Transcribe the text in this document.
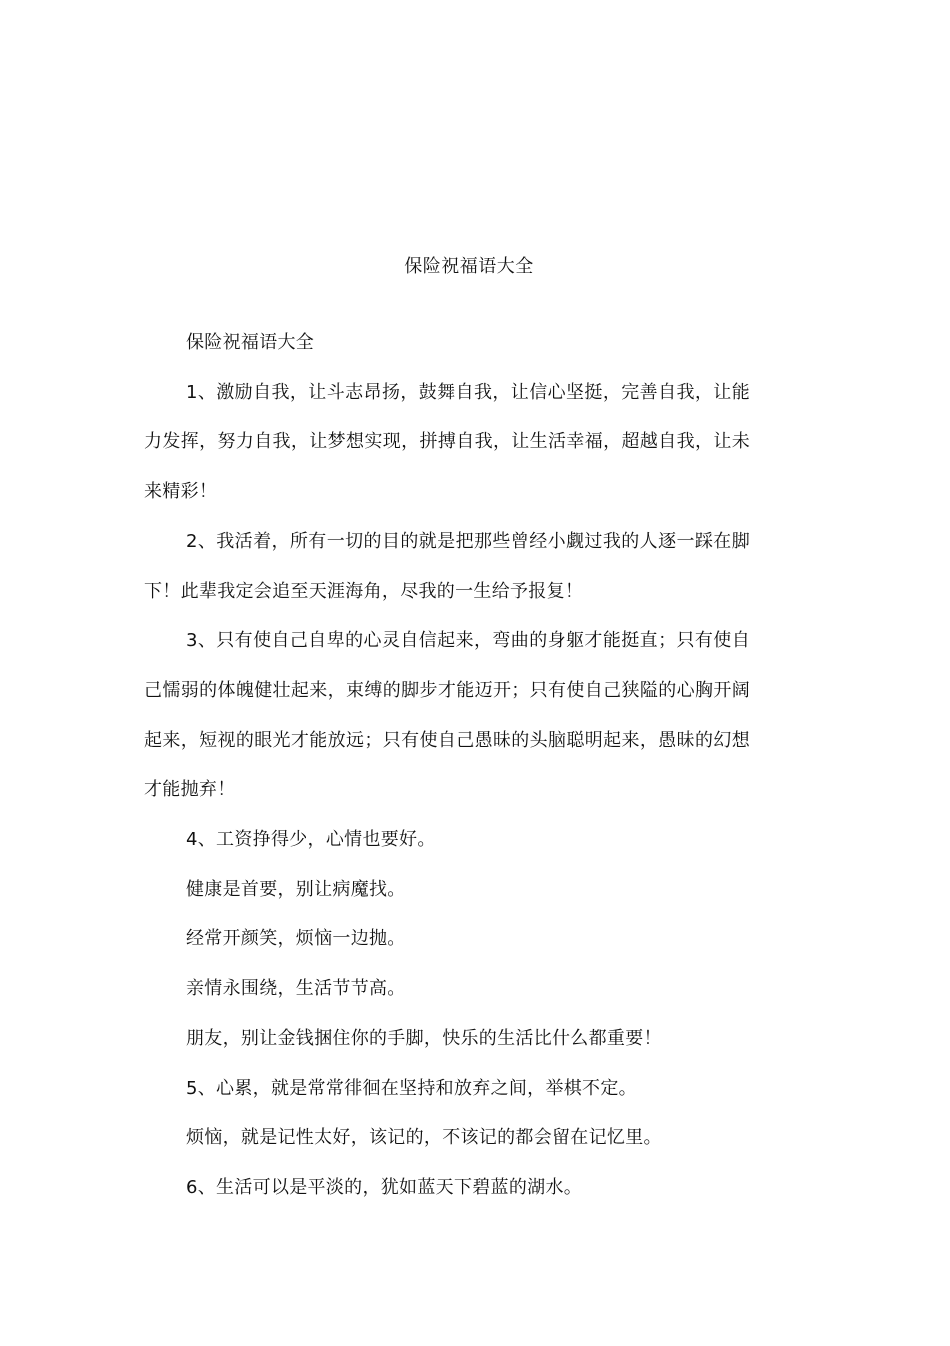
保险祝福语大全

保险祝福语大全

1、激励自我，让斗志昂扬，鼓舞自我，让信心坚挺，完善自我，让能力发挥，努力自我，让梦想实现，拼搏自我，让生活幸福，超越自我，让未来精彩！

2、我活着，所有一切的目的就是把那些曾经小觑过我的人逐一踩在脚下！此辈我定会追至天涯海角，尽我的一生给予报复！

3、只有使自己自卑的心灵自信起来，弯曲的身躯才能挺直；只有使自己懦弱的体魄健壮起来，束缚的脚步才能迈开；只有使自己狭隘的心胸开阔起来，短视的眼光才能放远；只有使自己愚昧的头脑聪明起来，愚昧的幻想才能抛弃！

4、工资挣得少，心情也要好。

健康是首要，别让病魔找。

经常开颜笑，烦恼一边抛。

亲情永围绕，生活节节高。

朋友，别让金钱捆住你的手脚，快乐的生活比什么都重要！

5、心累，就是常常徘徊在坚持和放弃之间，举棋不定。

烦恼，就是记性太好，该记的，不该记的都会留在记忆里。

6、生活可以是平淡的，犹如蓝天下碧蓝的湖水。
